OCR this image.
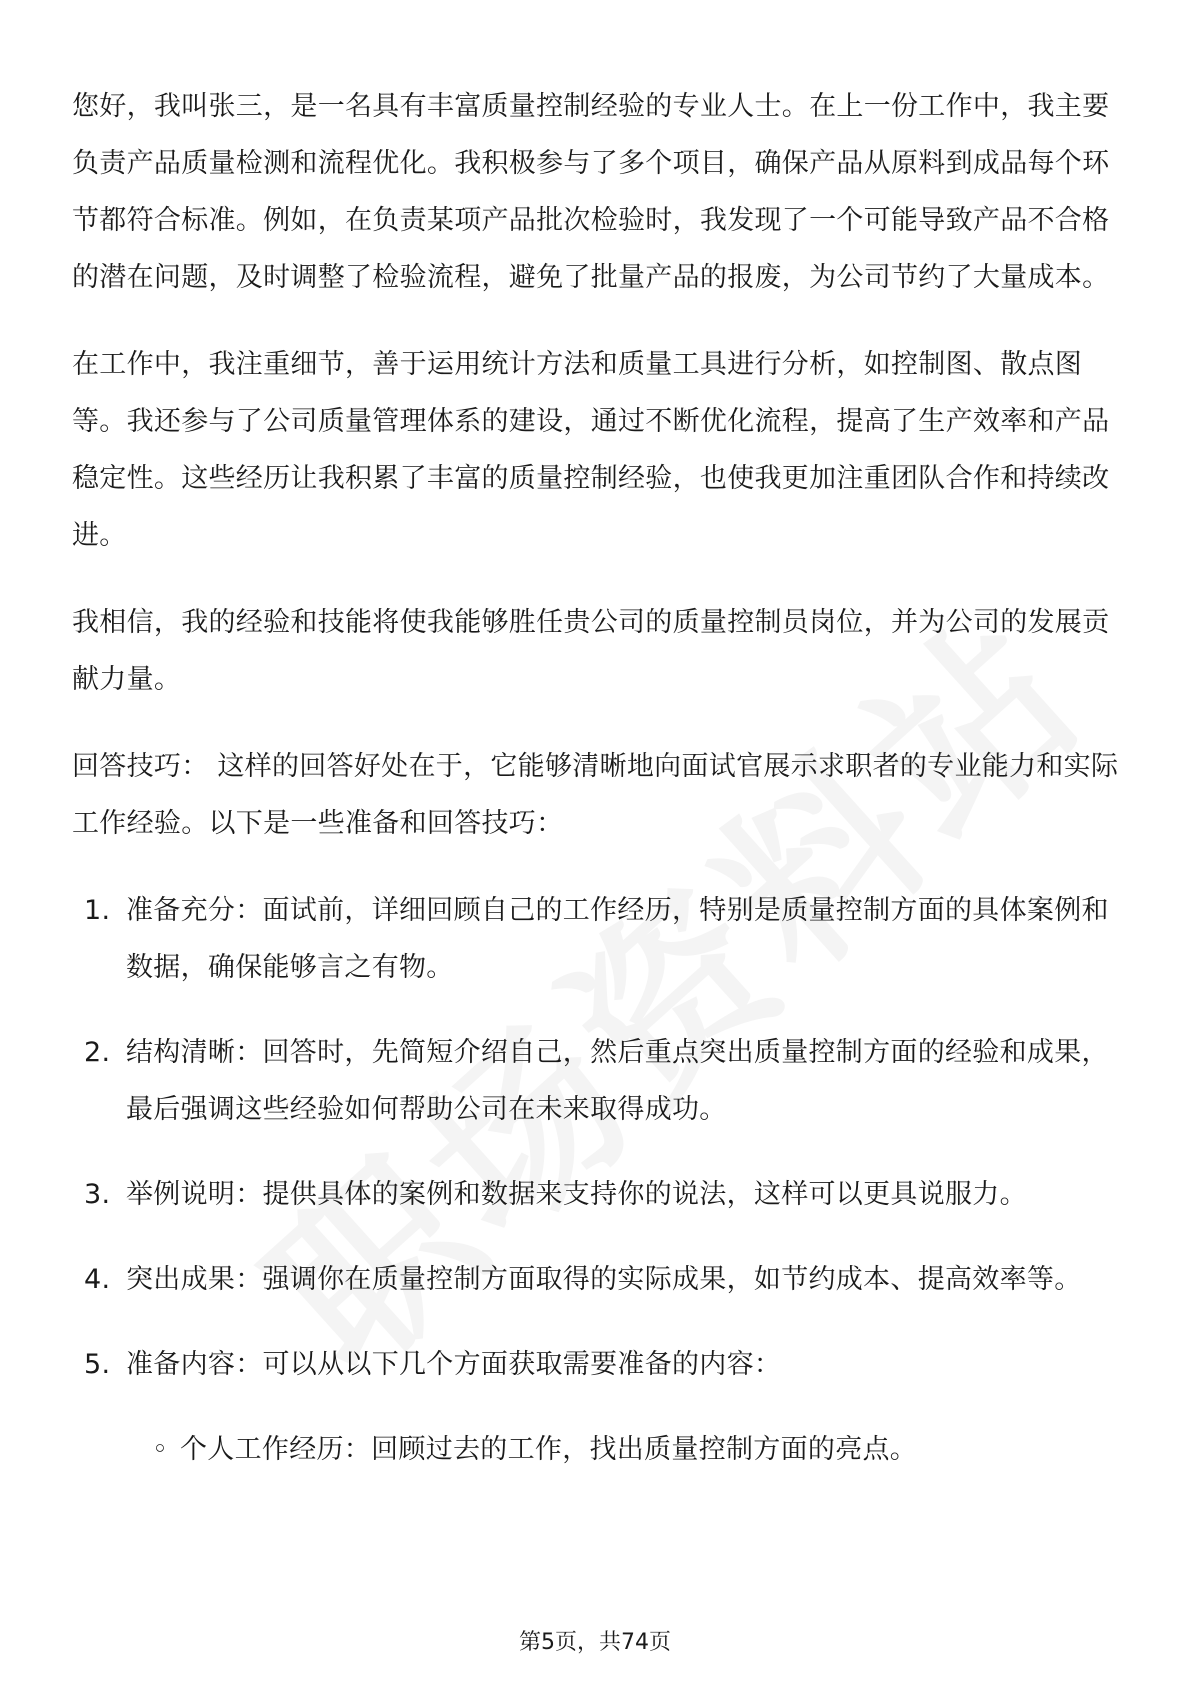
您好，我叫张三，是一名具有丰富质量控制经验的专业人士。在上一份工作中，我主要负责产品质量检测和流程优化。我积极参与了多个项目，确保产品从原料到成品每个环节都符合标准。例如，在负责某项产品批次检验时，我发现了一个可能导致产品不合格的潜在问题，及时调整了检验流程，避免了批量产品的报废，为公司节约了大量成本。

在工作中，我注重细节，善于运用统计方法和质量工具进行分析，如控制图、散点图等。我还参与了公司质量管理体系的建设，通过不断优化流程，提高了生产效率和产品稳定性。这些经历让我积累了丰富的质量控制经验，也使我更加注重团队合作和持续改进。

我相信，我的经验和技能将使我能够胜任贵公司的质量控制员岗位，并为公司的发展贡献力量。

回答技巧： 这样的回答好处在于，它能够清晰地向面试官展示求职者的专业能力和实际工作经验。以下是一些准备和回答技巧：

1. 准备充分：面试前，详细回顾自己的工作经历，特别是质量控制方面的具体案例和数据，确保能够言之有物。
2. 结构清晰：回答时，先简短介绍自己，然后重点突出质量控制方面的经验和成果，最后强调这些经验如何帮助公司在未来取得成功。
3. 举例说明：提供具体的案例和数据来支持你的说法，这样可以更具说服力。
4. 突出成果：强调你在质量控制方面取得的实际成果，如节约成本、提高效率等。
5. 准备内容：可以从以下几个方面获取需要准备的内容：
◦ 个人工作经历：回顾过去的工作，找出质量控制方面的亮点。
第5页，共74页
